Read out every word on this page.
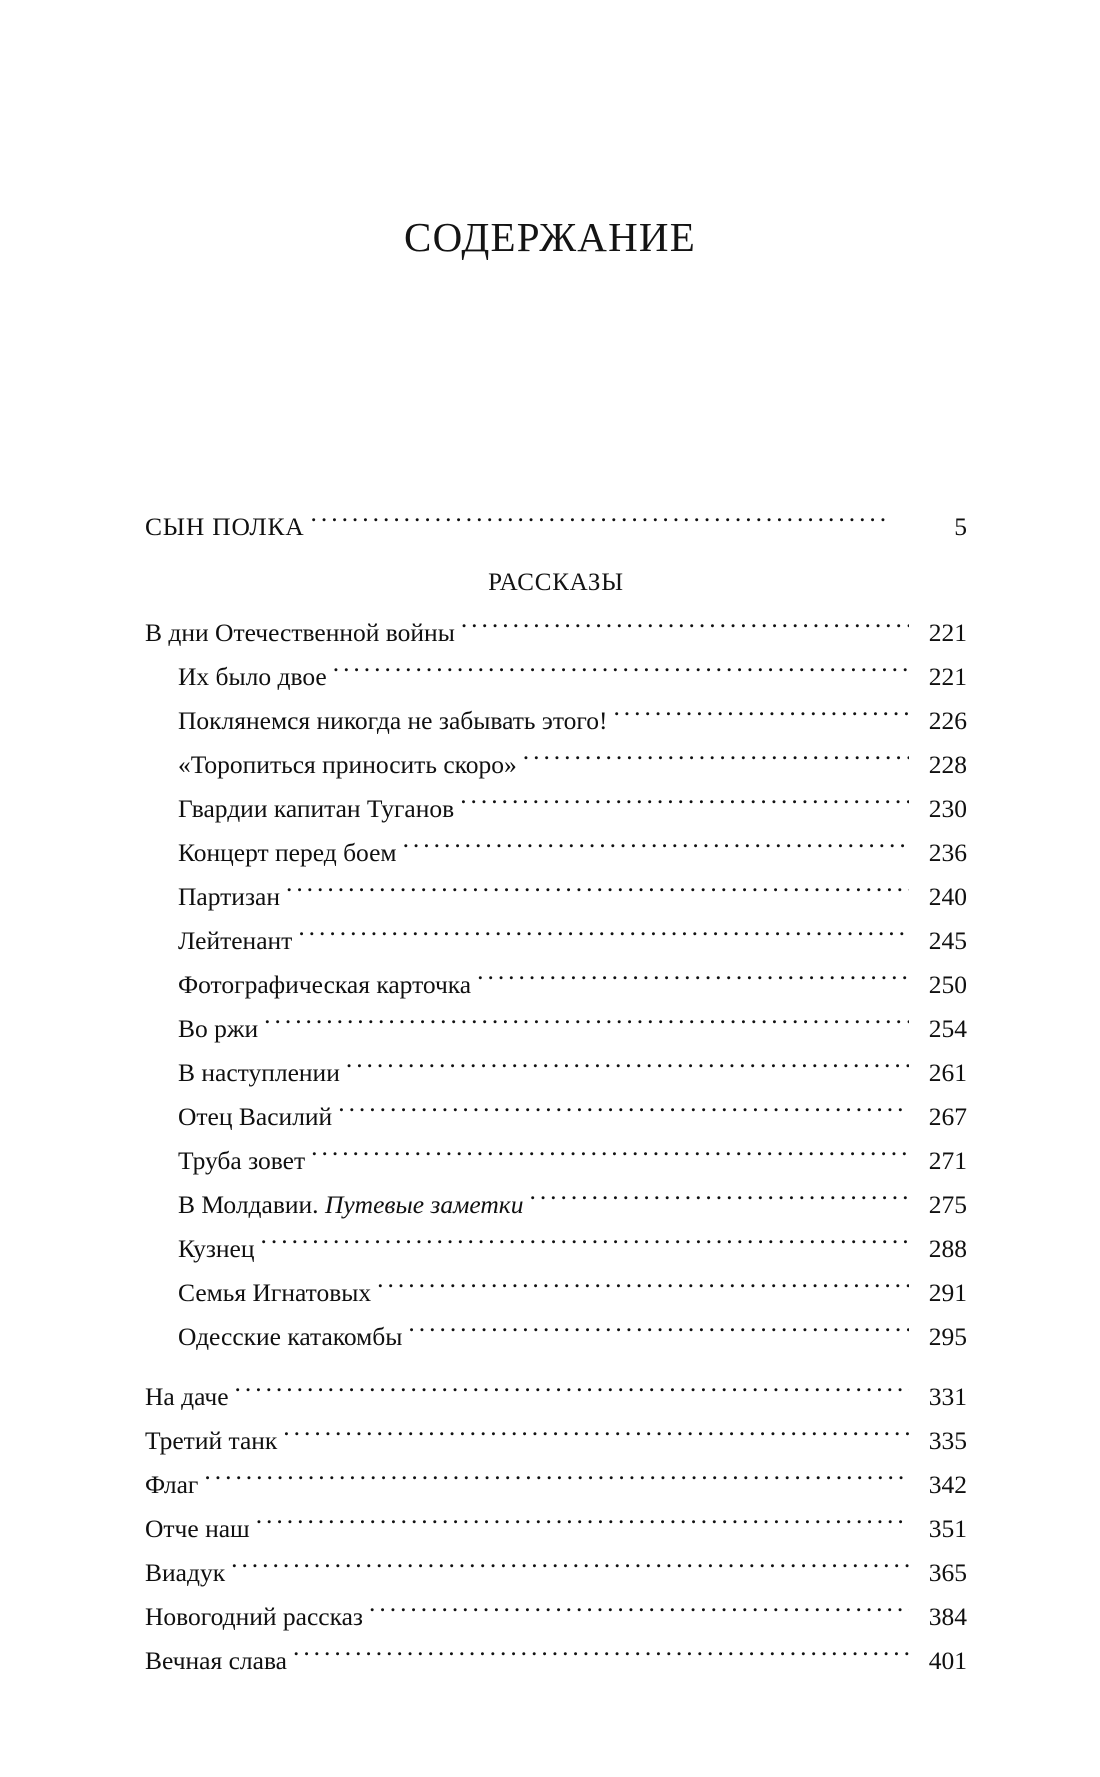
СОДЕРЖАНИЕ
СЫН ПОЛКА . . .	5
РАССКАЗЫ
В дни Отечественной войны . . .	221
Их было двое . . .	221
Поклянемся никогда не забывать этого! . . .	226
«Торопиться приносить скоро» . . .	228
Гвардии капитан Туганов . . .	230
Концерт перед боем . . .	236
Партизан . . .	240
Лейтенант . . .	245
Фотографическая карточка . . .	250
Во ржи . . .	254
В наступлении . . .	261
Отец Василий . . .	267
Труба зовет . . .	271
В Молдавии. Путевые заметки . . .	275
Кузнец . . .	288
Семья Игнатовых . . .	291
Одесские катакомбы . . .	295
На даче . . .	331
Третий танк . . .	335
Флаг . . .	342
Отче наш . . .	351
Виадук . . .	365
Новогодний рассказ . . .	384
Вечная слава . . .	401
